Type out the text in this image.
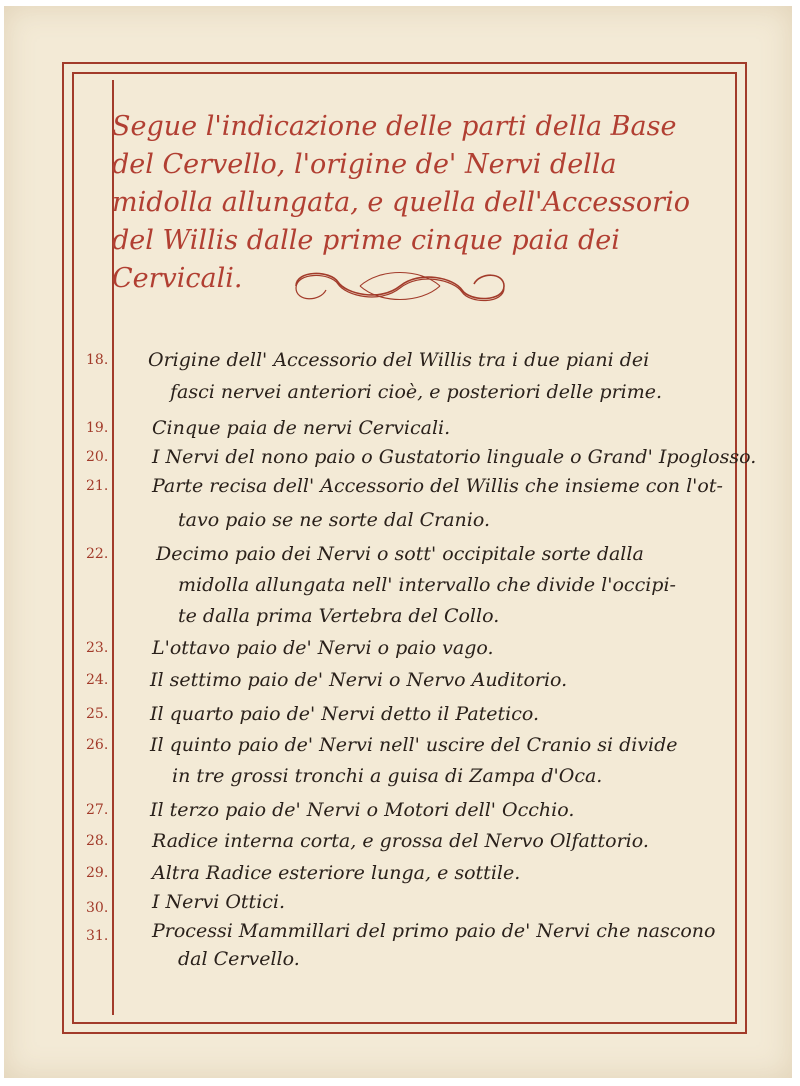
Segue l'indicazione delle parti della Base del Cervello, l'origine de' Nervi della midolla allungata, e quella dell'Accessorio del Willis dalle prime cinque paia dei Cervicali.
18.	Origine dell' Accessorio del Willis tra i due piani dei
fasci nervei anteriori cioè, e posteriori delle prime.
19.	Cinque paia de nervi Cervicali.
20.	I Nervi del nono paio o Gustatorio linguale o Grand' Ipoglosso.
21.	Parte recisa dell' Accessorio del Willis che insieme con l'ot-
tavo paio se ne sorte dal Cranio.
22.	Decimo paio dei Nervi o sott' occipitale sorte dalla
midolla allungata nell' intervallo che divide l'occipi-
te dalla prima Vertebra del Collo.
23.	L'ottavo paio de' Nervi o paio vago.
24.	Il settimo paio de' Nervi o Nervo Auditorio.
25.	Il quarto paio de' Nervi detto il Patetico.
26.	Il quinto paio de' Nervi nell' uscire del Cranio si divide
in tre grossi tronchi a guisa di Zampa d'Oca.
27.	Il terzo paio de' Nervi o Motori dell' Occhio.
28.	Radice interna corta, e grossa del Nervo Olfattorio.
29.	Altra Radice esteriore lunga, e sottile.
30.	I Nervi Ottici.
31.	Processi Mammillari del primo paio de' Nervi che nascono
dal Cervello.
